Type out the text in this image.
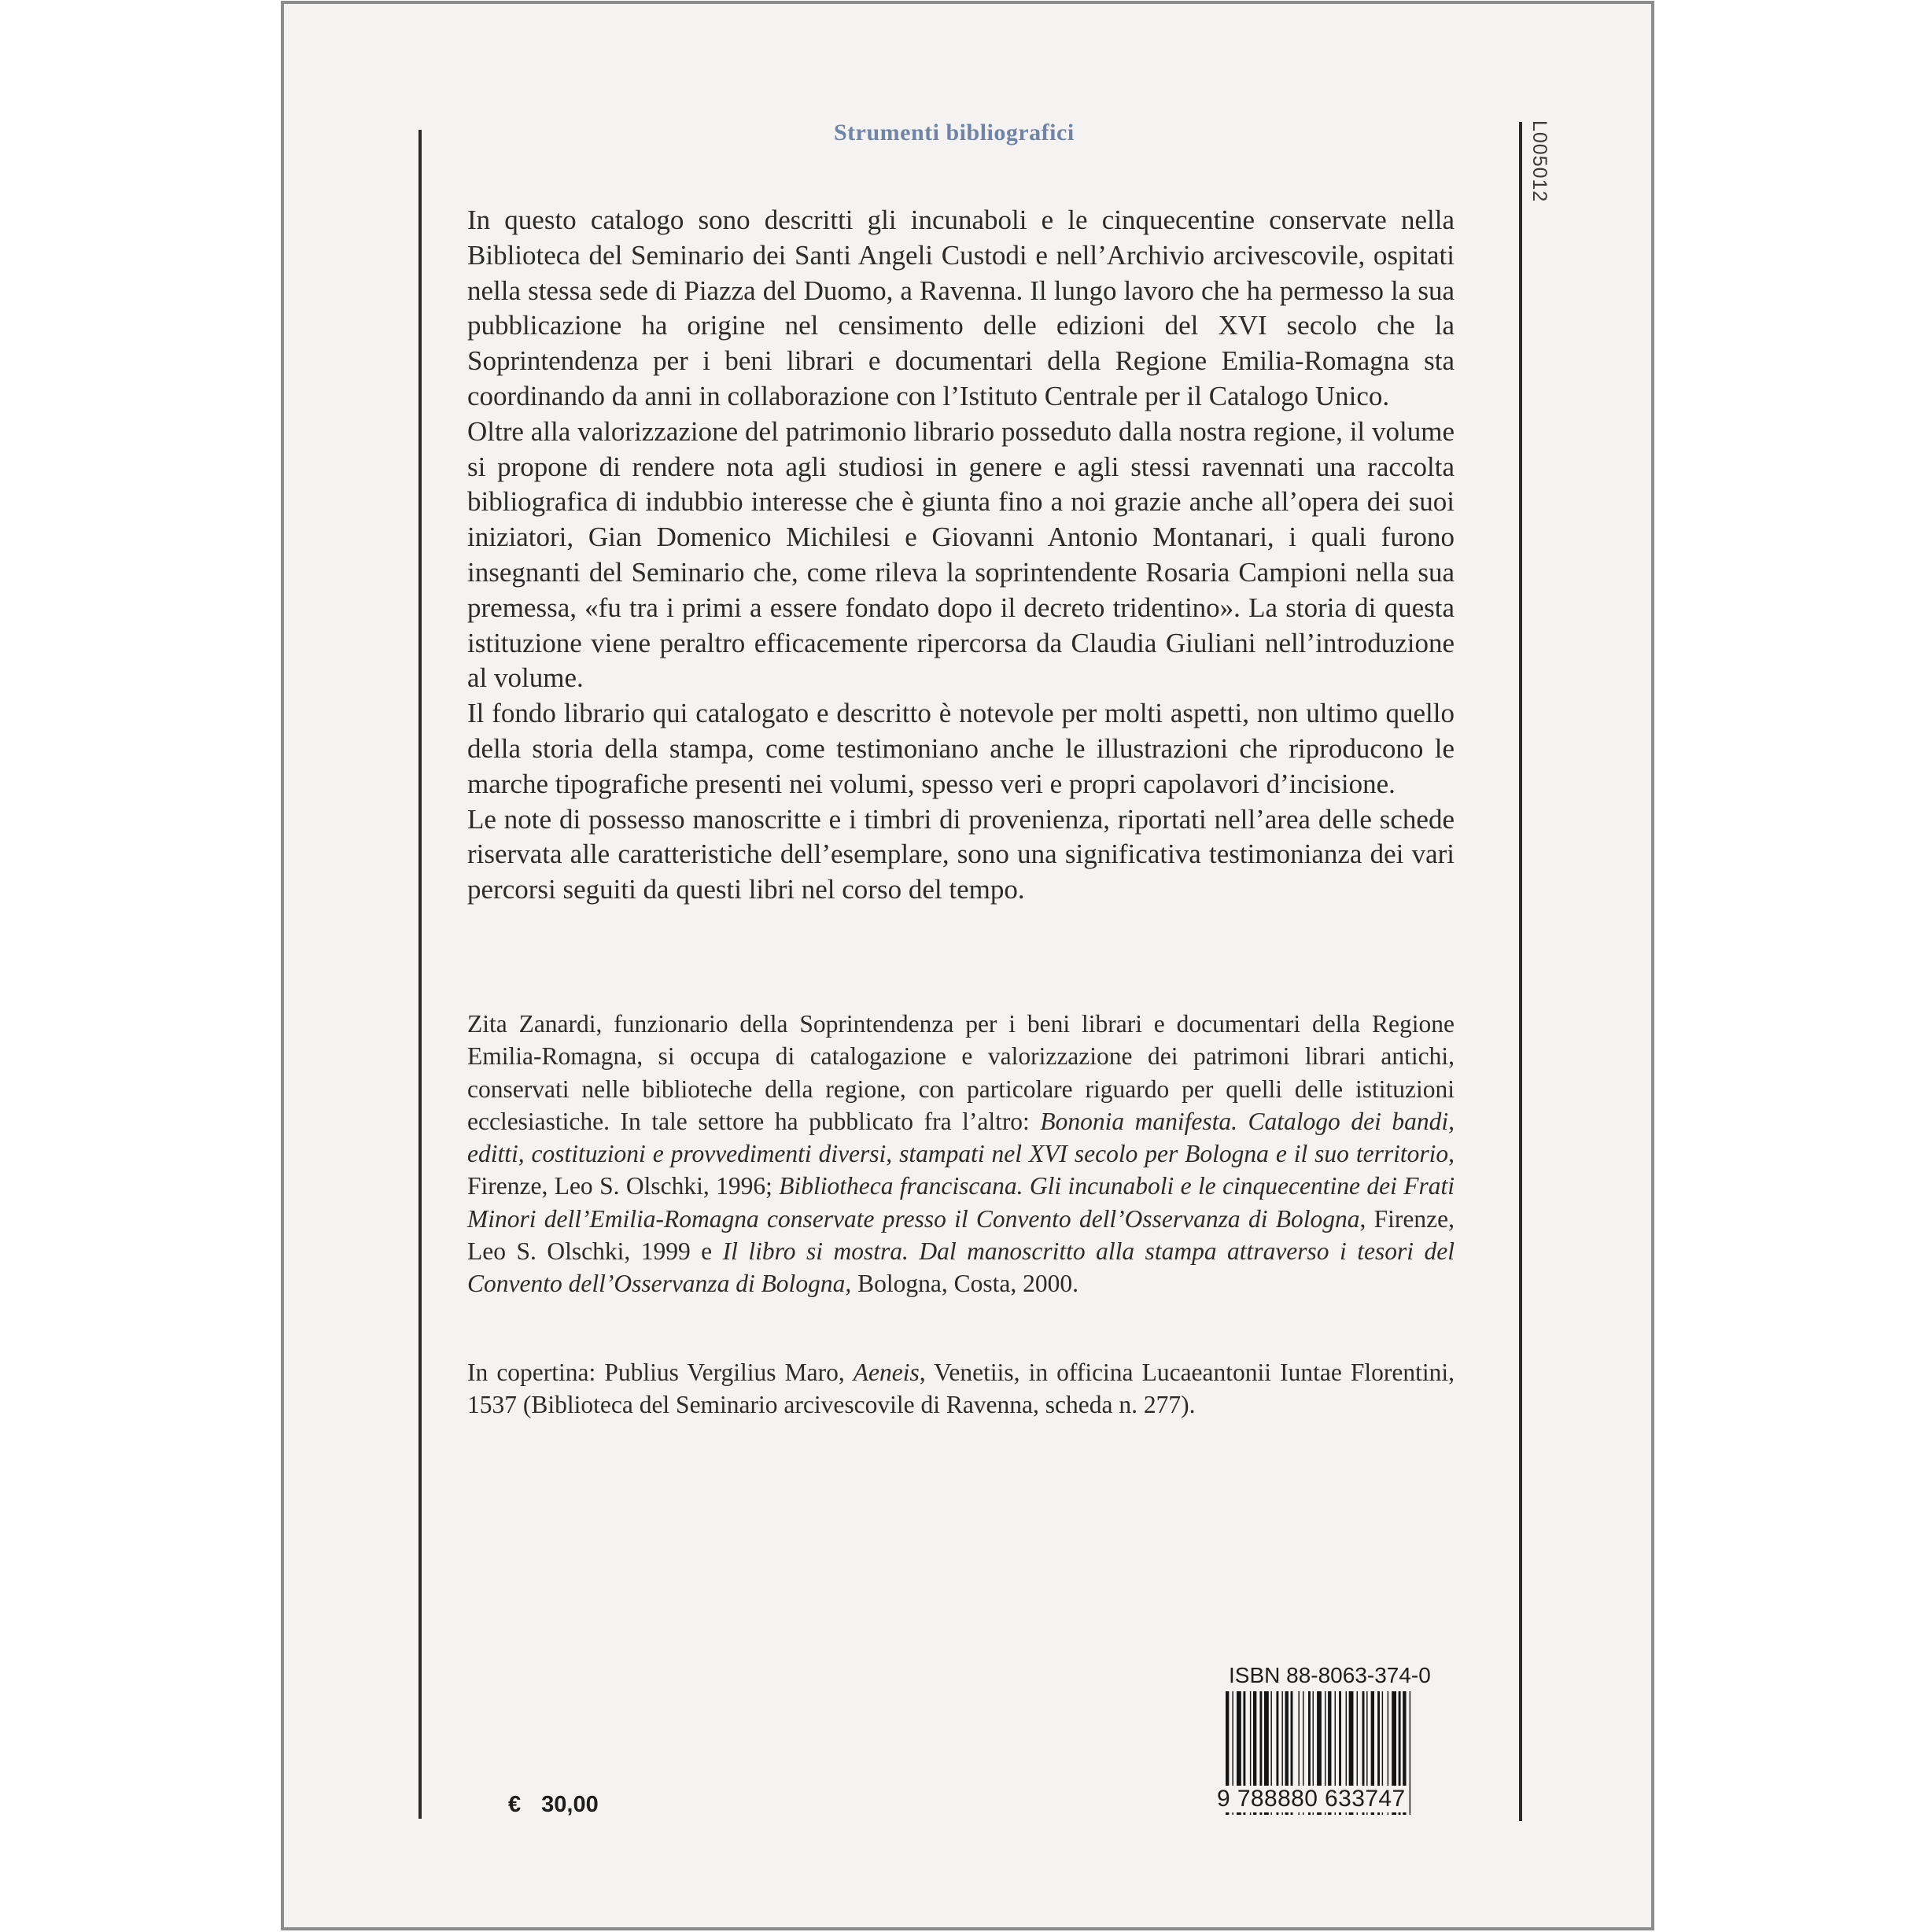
Strumenti bibliografici	L005012

In questo catalogo sono descritti gli incunaboli e le cinquecentine conservate nella Biblioteca del Seminario dei Santi Angeli Custodi e nell’Archivio arcivescovile, ospitati nella stessa sede di Piazza del Duomo, a Ravenna. Il lungo lavoro che ha permesso la sua pubblicazione ha origine nel censimento delle edizioni del XVI secolo che la Soprintendenza per i beni librari e documentari della Regione Emilia-Romagna sta coordinando da anni in collaborazione con l’Istituto Centrale per il Catalogo Unico.

Oltre alla valorizzazione del patrimonio librario posseduto dalla nostra regione, il volume si propone di rendere nota agli studiosi in genere e agli stessi ravennati una raccolta bibliografica di indubbio interesse che è giunta fino a noi grazie anche all’opera dei suoi iniziatori, Gian Domenico Michilesi e Giovanni Antonio Montanari, i quali furono insegnanti del Seminario che, come rileva la soprintendente Rosaria Campioni nella sua premessa, «fu tra i primi a essere fondato dopo il decreto tridentino». La storia di questa istituzione viene peraltro efficacemente ripercorsa da Claudia Giuliani nell’introduzione al volume.

Il fondo librario qui catalogato e descritto è notevole per molti aspetti, non ultimo quello della storia della stampa, come testimoniano anche le illustrazioni che riproducono le marche tipografiche presenti nei volumi, spesso veri e propri capolavori d’incisione.

Le note di possesso manoscritte e i timbri di provenienza, riportati nell’area delle schede riservata alle caratteristiche dell’esemplare, sono una significativa testimonianza dei vari percorsi seguiti da questi libri nel corso del tempo.

Zita Zanardi, funzionario della Soprintendenza per i beni librari e documentari della Regione Emilia-Romagna, si occupa di catalogazione e valorizzazione dei patrimoni librari antichi, conservati nelle biblioteche della regione, con particolare riguardo per quelli delle istituzioni ecclesiastiche. In tale settore ha pubblicato fra l’altro: Bononia manifesta. Catalogo dei bandi, editti, costituzioni e provvedimenti diversi, stampati nel XVI secolo per Bologna e il suo territorio, Firenze, Leo S. Olschki, 1996; Bibliotheca franciscana. Gli incunaboli e le cinquecentine dei Frati Minori dell’Emilia-Romagna conservate presso il Convento dell’Osservanza di Bologna, Firenze, Leo S. Olschki, 1999 e Il libro si mostra. Dal manoscritto alla stampa attraverso i tesori del Convento dell’Osservanza di Bologna, Bologna, Costa, 2000.

In copertina: Publius Vergilius Maro, Aeneis, Venetiis, in officina Lucaeantonii Iuntae Florentini, 1537 (Biblioteca del Seminario arcivescovile di Ravenna, scheda n. 277).

ISBN 88-8063-374-0
9 788880 633747
€ 30,00
